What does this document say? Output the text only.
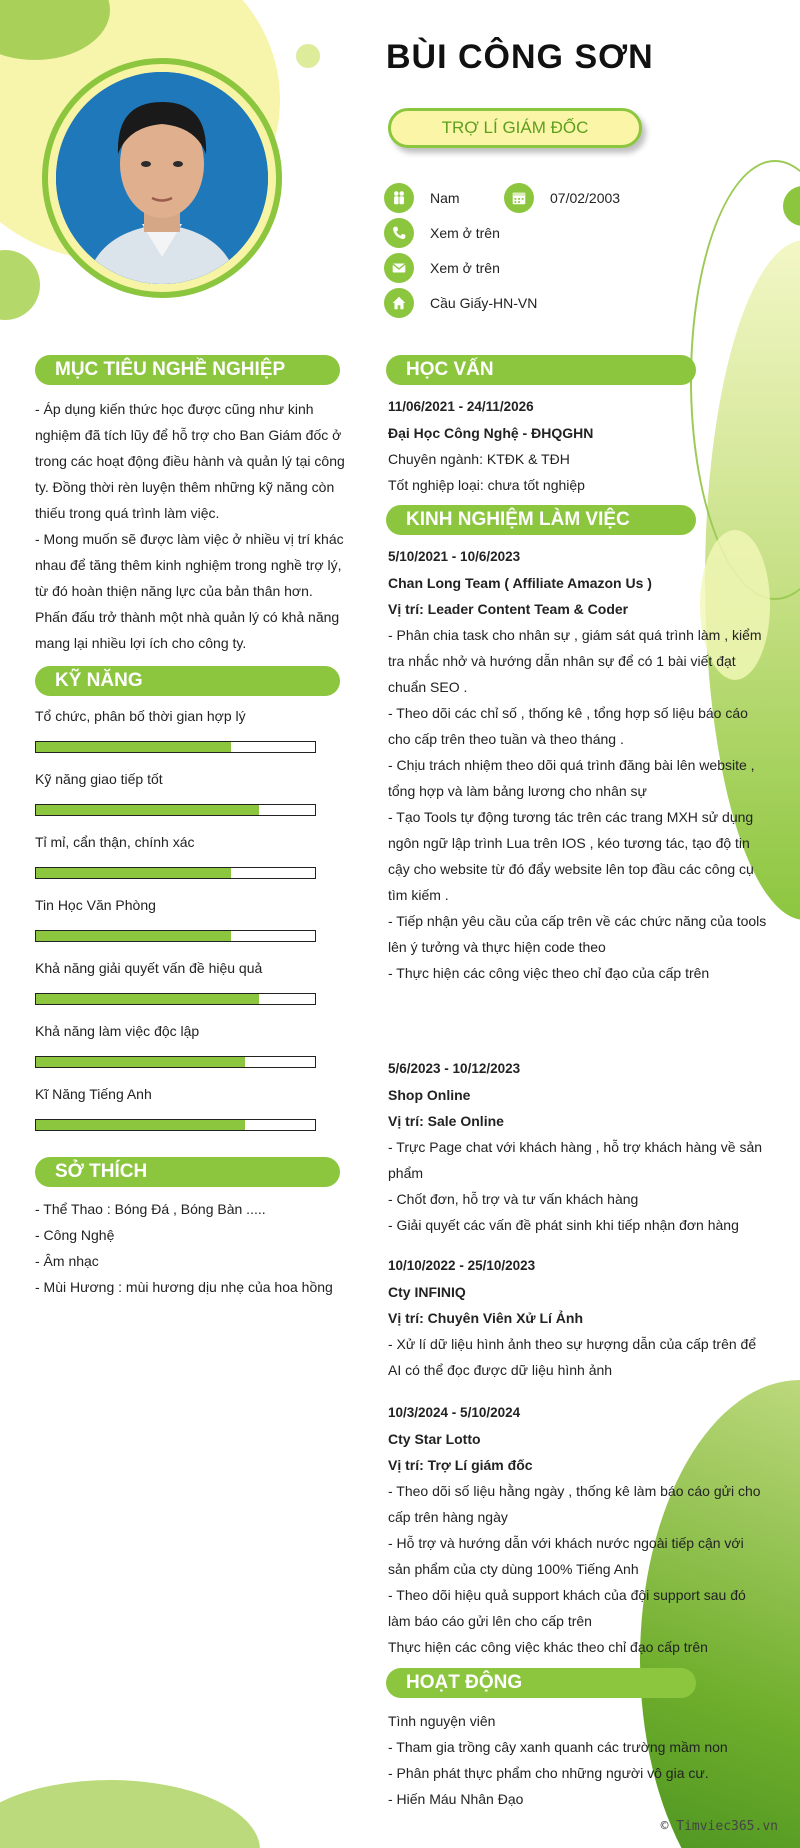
BÙI CÔNG SƠN
TRỢ LÍ GIÁM ĐỐC
Nam	07/02/2003
Xem ở trên
Xem ở trên
Cầu Giấy-HN-VN
MỤC TIÊU NGHỀ NGHIỆP

- Áp dụng kiến thức học được cũng như kinh nghiệm đã tích lũy để hỗ trợ cho Ban Giám đốc ở trong các hoạt động điều hành và quản lý tại công ty. Đồng thời rèn luyện thêm những kỹ năng còn thiếu trong quá trình làm việc.

- Mong muốn sẽ được làm việc ở nhiều vị trí khác nhau để tăng thêm kinh nghiệm trong nghề trợ lý, từ đó hoàn thiện năng lực của bản thân hơn. Phấn đấu trở thành một nhà quản lý có khả năng mang lại nhiều lợi ích cho công ty.

KỸ NĂNG
Tổ chức, phân bố thời gian hợp lý
Kỹ năng giao tiếp tốt
Tỉ mỉ, cẩn thận, chính xác
Tin Học Văn Phòng
Khả năng giải quyết vấn đề hiệu quả
Khả năng làm việc độc lập
Kĩ Năng Tiếng Anh
SỞ THÍCH
- Thể Thao : Bóng Đá , Bóng Bàn .....
- Công Nghệ
- Âm nhạc
- Mùi Hương : mùi hương dịu nhẹ của hoa hồng
HỌC VẤN
11/06/2021 - 24/11/2026
Đại Học Công Nghệ - ĐHQGHN
Chuyên ngành: KTĐK & TĐH
Tốt nghiệp loại: chưa tốt nghiệp
KINH NGHIỆM LÀM VIỆC
5/10/2021 - 10/6/2023
Chan Long Team ( Affiliate Amazon Us )
Vị trí: Leader Content Team & Coder
- Phân chia task cho nhân sự , giám sát quá trình làm , kiểm tra nhắc nhở và hướng dẫn nhân sự để có 1 bài viết đạt chuẩn SEO .
- Theo dõi các chỉ số , thống kê , tổng hợp số liệu báo cáo cho cấp trên theo tuần và theo tháng .
- Chịu trách nhiệm theo dõi quá trình đăng bài lên website , tổng hợp và làm bảng lương cho nhân sự
- Tạo Tools tự động tương tác trên các trang MXH sử dụng ngôn ngữ lập trình Lua trên IOS , kéo tương tác, tạo độ tin cậy cho website từ đó đẩy website lên top đầu các công cụ tìm kiếm .
- Tiếp nhận yêu cầu của cấp trên về các chức năng của tools lên ý tưởng và thực hiện code theo
- Thực hiện các công việc theo chỉ đạo của cấp trên
5/6/2023 - 10/12/2023
Shop Online
Vị trí: Sale Online
- Trực Page chat với khách hàng , hỗ trợ khách hàng về sản phẩm
- Chốt đơn, hỗ trợ và tư vấn khách hàng
- Giải quyết các vấn đề phát sinh khi tiếp nhận đơn hàng
10/10/2022 - 25/10/2023
Cty INFINIQ
Vị trí: Chuyên Viên Xử Lí Ảnh
- Xử lí dữ liệu hình ảnh theo sự hượng dẫn của cấp trên để AI có thể đọc được dữ liệu hình ảnh
10/3/2024 - 5/10/2024
Cty Star Lotto
Vị trí: Trợ Lí giám đốc
- Theo dõi số liệu hằng ngày , thống kê làm báo cáo gửi cho cấp trên hàng ngày
- Hỗ trợ và hướng dẫn với khách nước ngoài tiếp cận với sản phẩm của cty dùng 100% Tiếng Anh
- Theo dõi hiệu quả support khách của đội support sau đó làm báo cáo gửi lên cho cấp trên
Thực hiện các công việc khác theo chỉ đạo cấp trên
HOẠT ĐỘNG
Tình nguyện viên
- Tham gia trồng cây xanh quanh các trường mầm non
- Phân phát thực phẩm cho những người vô gia cư.
- Hiến Máu Nhân Đạo
© Timviec365.vn
